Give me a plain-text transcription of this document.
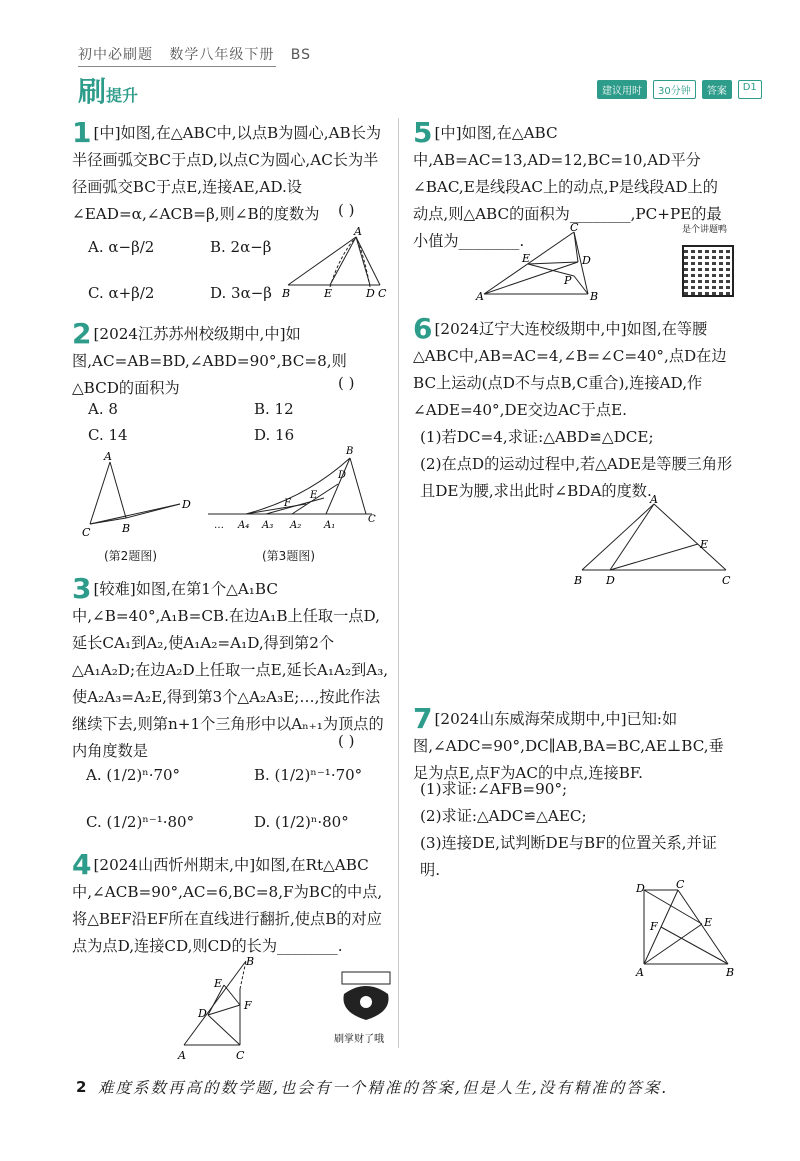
初中必刷题 数学八年级下册 BS
刷提升	建议用时	30分钟	答案	D1
1 [中]如图,在△ABC中,以点B为圆心,AB长为半径画弧交BC于点D,以点C为圆心,AC长为半径画弧交BC于点E,连接AE,AD.设∠EAD=α,∠ACB=β,则∠B的度数为	( )
A. α−β/2	B. 2α−β
C. α+β/2	D. 3α−β
A
B	E	D C
2 [2024江苏苏州校级期中,中]如图,AC=AB=BD,∠ABD=90°,BC=8,则△BCD的面积为	( )
A. 8	B. 12
C. 14	D. 16
A
C	B
D
B
D
E
F
C
A₁
A₂
A₃
A₄
…
(第2题图)	(第3题图)
3 [较难]如图,在第1个△A₁BC中,∠B=40°,A₁B=CB.在边A₁B上任取一点D,延长CA₁到A₂,使A₁A₂=A₁D,得到第2个△A₁A₂D;在边A₂D上任取一点E,延长A₁A₂到A₃,使A₂A₃=A₂E,得到第3个△A₂A₃E;…,按此作法继续下去,则第n+1个三角形中以Aₙ₊₁为顶点的内角度数是
( )
A. (1/2)ⁿ·70°	B. (1/2)ⁿ⁻¹·70°
C. (1/2)ⁿ⁻¹·80°	D. (1/2)ⁿ·80°
4 [2024山西忻州期末,中]如图,在Rt△ABC中,∠ACB=90°,AC=6,BC=8,F为BC的中点,将△BEF沿EF所在直线进行翻折,使点B的对应点为点D,连接CD,则CD的长为________.
B
E
F
D
A	C
刷掌财了哦
5 [中]如图,在△ABC中,AB=AC=13,AD=12,BC=10,AD平分∠BAC,E是线段AC上的动点,P是线段AD上的动点,则△ABC的面积为________,PC+PE的最小值为________.
C
E	D
P
A	B
是个讲题鸭
6 [2024辽宁大连校级期中,中]如图,在等腰△ABC中,AB=AC=4,∠B=∠C=40°,点D在边BC上运动(点D不与点B,C重合),连接AD,作∠ADE=40°,DE交边AC于点E.
(1)若DC=4,求证:△ABD≌△DCE;
(2)在点D的运动过程中,若△ADE是等腰三角形且DE为腰,求出此时∠BDA的度数.
A
E
B D	C
7 [2024山东威海荣成期中,中]已知:如图,∠ADC=90°,DC∥AB,BA=BC,AE⊥BC,垂足为点E,点F为AC的中点,连接BF.
(1)求证:∠AFB=90°;
(2)求证:△ADC≌△AEC;
(3)连接DE,试判断DE与BF的位置关系,并证明.
D	C
E
F
A	B
2 难度系数再高的数学题,也会有一个精准的答案,但是人生,没有精准的答案.
